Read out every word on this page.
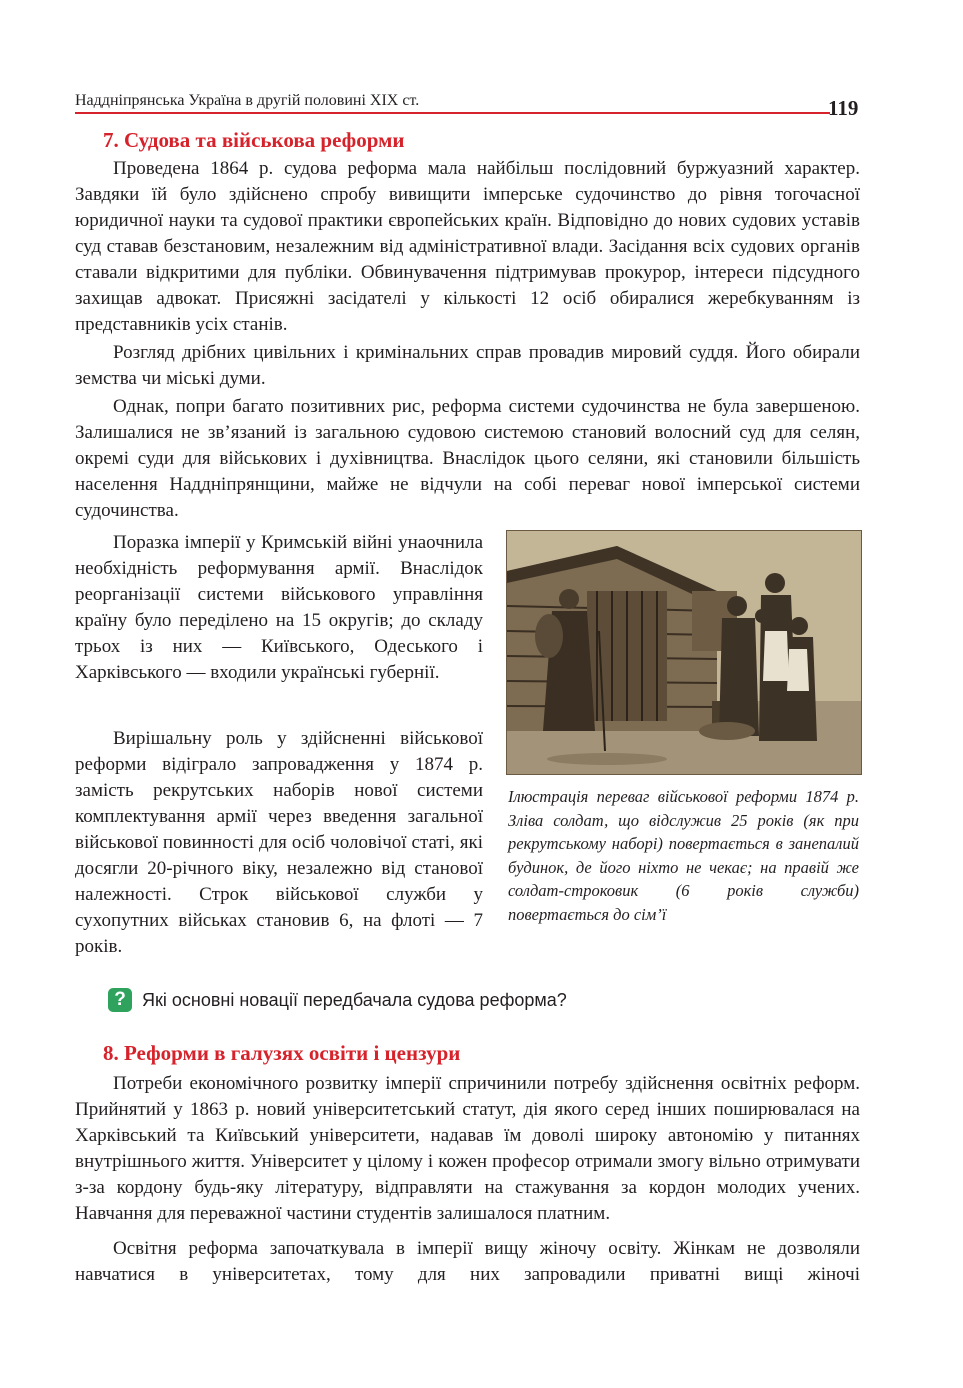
Наддніпрянська Україна в другій половині ХІХ ст.	119
7. Судова та військова реформи

Проведена 1864 р. судова реформа мала найбільш послідовний буржуазний характер. Завдяки їй було здійснено спробу вивищити імперське судочинство до рівня тогочасної юридичної науки та судової практики європейських країн. Відповідно до нових судових уставів суд ставав безстановим, незалежним від адміністративної влади. Засідання всіх судових органів ставали відкритими для публіки. Обвинувачення підтримував прокурор, інтереси підсудного захищав адвокат. Присяжні засідателі у кількості 12 осіб обиралися жеребкуванням із представників усіх станів.

Розгляд дрібних цивільних і кримінальних справ провадив мировий суддя. Його обирали земства чи міські думи.

Однак, попри багато позитивних рис, реформа системи судочинства не була завершеною. Залишалися не зв’язаний із загальною судовою системою становий волосний суд для селян, окремі суди для військових і духівництва. Внаслідок цього селяни, які становили більшість населення Наддніпрянщини, майже не відчули на собі переваг нової імперської системи судочинства.

Поразка імперії у Кримській війні унаочнила необхідність реформування армії. Внаслідок реорганізації системи військового управління країну було переділено на 15 округів; до складу трьох із них — Київського, Одеського і Харківського — входили українські губернії.

Вирішальну роль у здійсненні військової реформи відіграло запровадження у 1874 р. замість рекрутських наборів нової системи комплектування армії через введення загальної військової повинності для осіб чоловічої статі, які досягли 20-річного віку, незалежно від станової належності. Строк військової служби у сухопутних військах становив 6, на флоті — 7 років.

Ілюстрація переваг військової реформи 1874 р. Зліва солдат, що відслужив 25 років (як при рекрутському наборі) повертається в занепалий будинок, де його ніхто не чекає; на правій же солдат-строковик (6 років служби) повертається до сім’ї

? Які основні новації передбачала судова реформа?
8. Реформи в галузях освіти і цензури

Потреби економічного розвитку імперії спричинили потребу здійснення освітніх реформ. Прийнятий у 1863 р. новий університетський статут, дія якого серед інших поширювалася на Харківський та Київський університети, надавав їм доволі широку автономію у питаннях внутрішнього життя. Університет у цілому і кожен професор отримали змогу вільно отримувати з-за кордону будь-яку літературу, відправляти на стажування за кордон молодих учених. Навчання для переважної частини студентів залишалося платним.

Освітня реформа започаткувала в імперії вищу жіночу освіту. Жінкам не дозволяли навчатися в університетах, тому для них запровадили приватні вищі жіночі
